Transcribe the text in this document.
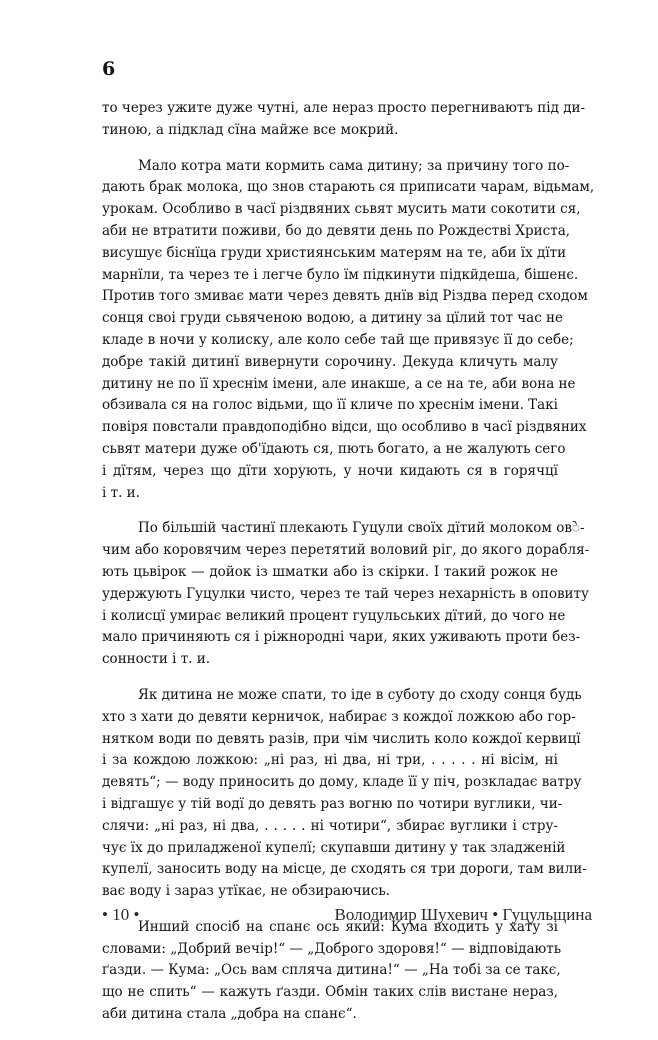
6
то через ужите дуже чутні, але нераз просто перегниваютъ під ди-
тиною, а підклад сїна майже все мокрий.
Мало котра мати кормить сама дитину; за причину того по-
дають брак молока, що знов старають ся приписати чарам, відьмам,
урокам. Особливо в часї різдвяних сьвят мусить мати сокотити ся,
аби не втратити поживи, бо до девяти день по Рождестві Христа,
висушує біснїца груди християнським матерям на те, аби їх дїти
марнїли, та через те і легче було їм підкинути підкйдеша, бішенє.
Против того змиває мати через девять днїв від Різдва перед сходом
сонця своі груди сьвяченою водою, а дитину за цїлий тот час не
кладе в ночи у колиску, але коло себе тай ще привязує її до себе;
добре такій дитинї вивернути сорочину. Декуда кличуть малу
дитину не по її хреснім імени, але инакше, а се на те, аби вона не
обзивала ся на голос відьми, що її кличе по хреснім імени. Такі
повіря повстали правдоподібно відси, що особливо в часї різдвяних
сьвят матери дуже об'їдають ся, пють богато, а не жалують сего
і дїтям, через що дїти хорують, у ночи кидають ся в горячцї
і т. и.
По більшій частинї плекають Гуцули своїх дїтий молоком овे-
чим або коровячим через перетятий воловий ріг, до якого дорабля-
ють цьвірок — дойок із шматки або із скірки. І такий рожок не
удержують Гуцулки чисто, через те тай через нехарність в оповиту
і колисцї умирає великий процент гуцульських дїтий, до чого не
мало причиняють ся і ріжнородні чари, яких уживають проти без-
сонности і т. и.
Як дитина не може спати, то іде в суботу до сходу сонця будь
хто з хати до девяти керничок, набирає з кождої ложкою або гор-
нятком води по девять разів, при чім числить коло кождої кервицї
і за кождою ложкою: „ні раз, ні два, ні три, . . . . . ні вісім, ні
девять“; — воду приносить до дому, кладе її у піч, розкладає ватру
і відгашує у тій водї до девять раз вогню по чотири вуглики, чи-
слячи: „ні раз, ні два, . . . . . ні чотири“, збирає вуглики і стру-
чує їх до приладженої купелї; скупавши дитину у так зладженій
купелї, заносить воду на місце, де сходять ся три дороги, там вили-
ває воду і зараз утїкає, не обзираючись.
Инший спосіб на спанє ось який: Кума входить у хату зі
словами: „Добрий вечір!“ — „Доброго здоровя!“ — відповідають
ґазди. — Кума: „Ось вам спляча дитина!“ — „На тобі за се такє,
що не спить“ — кажуть ґазди. Обмін таких слів вистане нераз,
аби дитина стала „добра на спанє“.
• 10 •	Володимир Шухевич • Гуцульщина
